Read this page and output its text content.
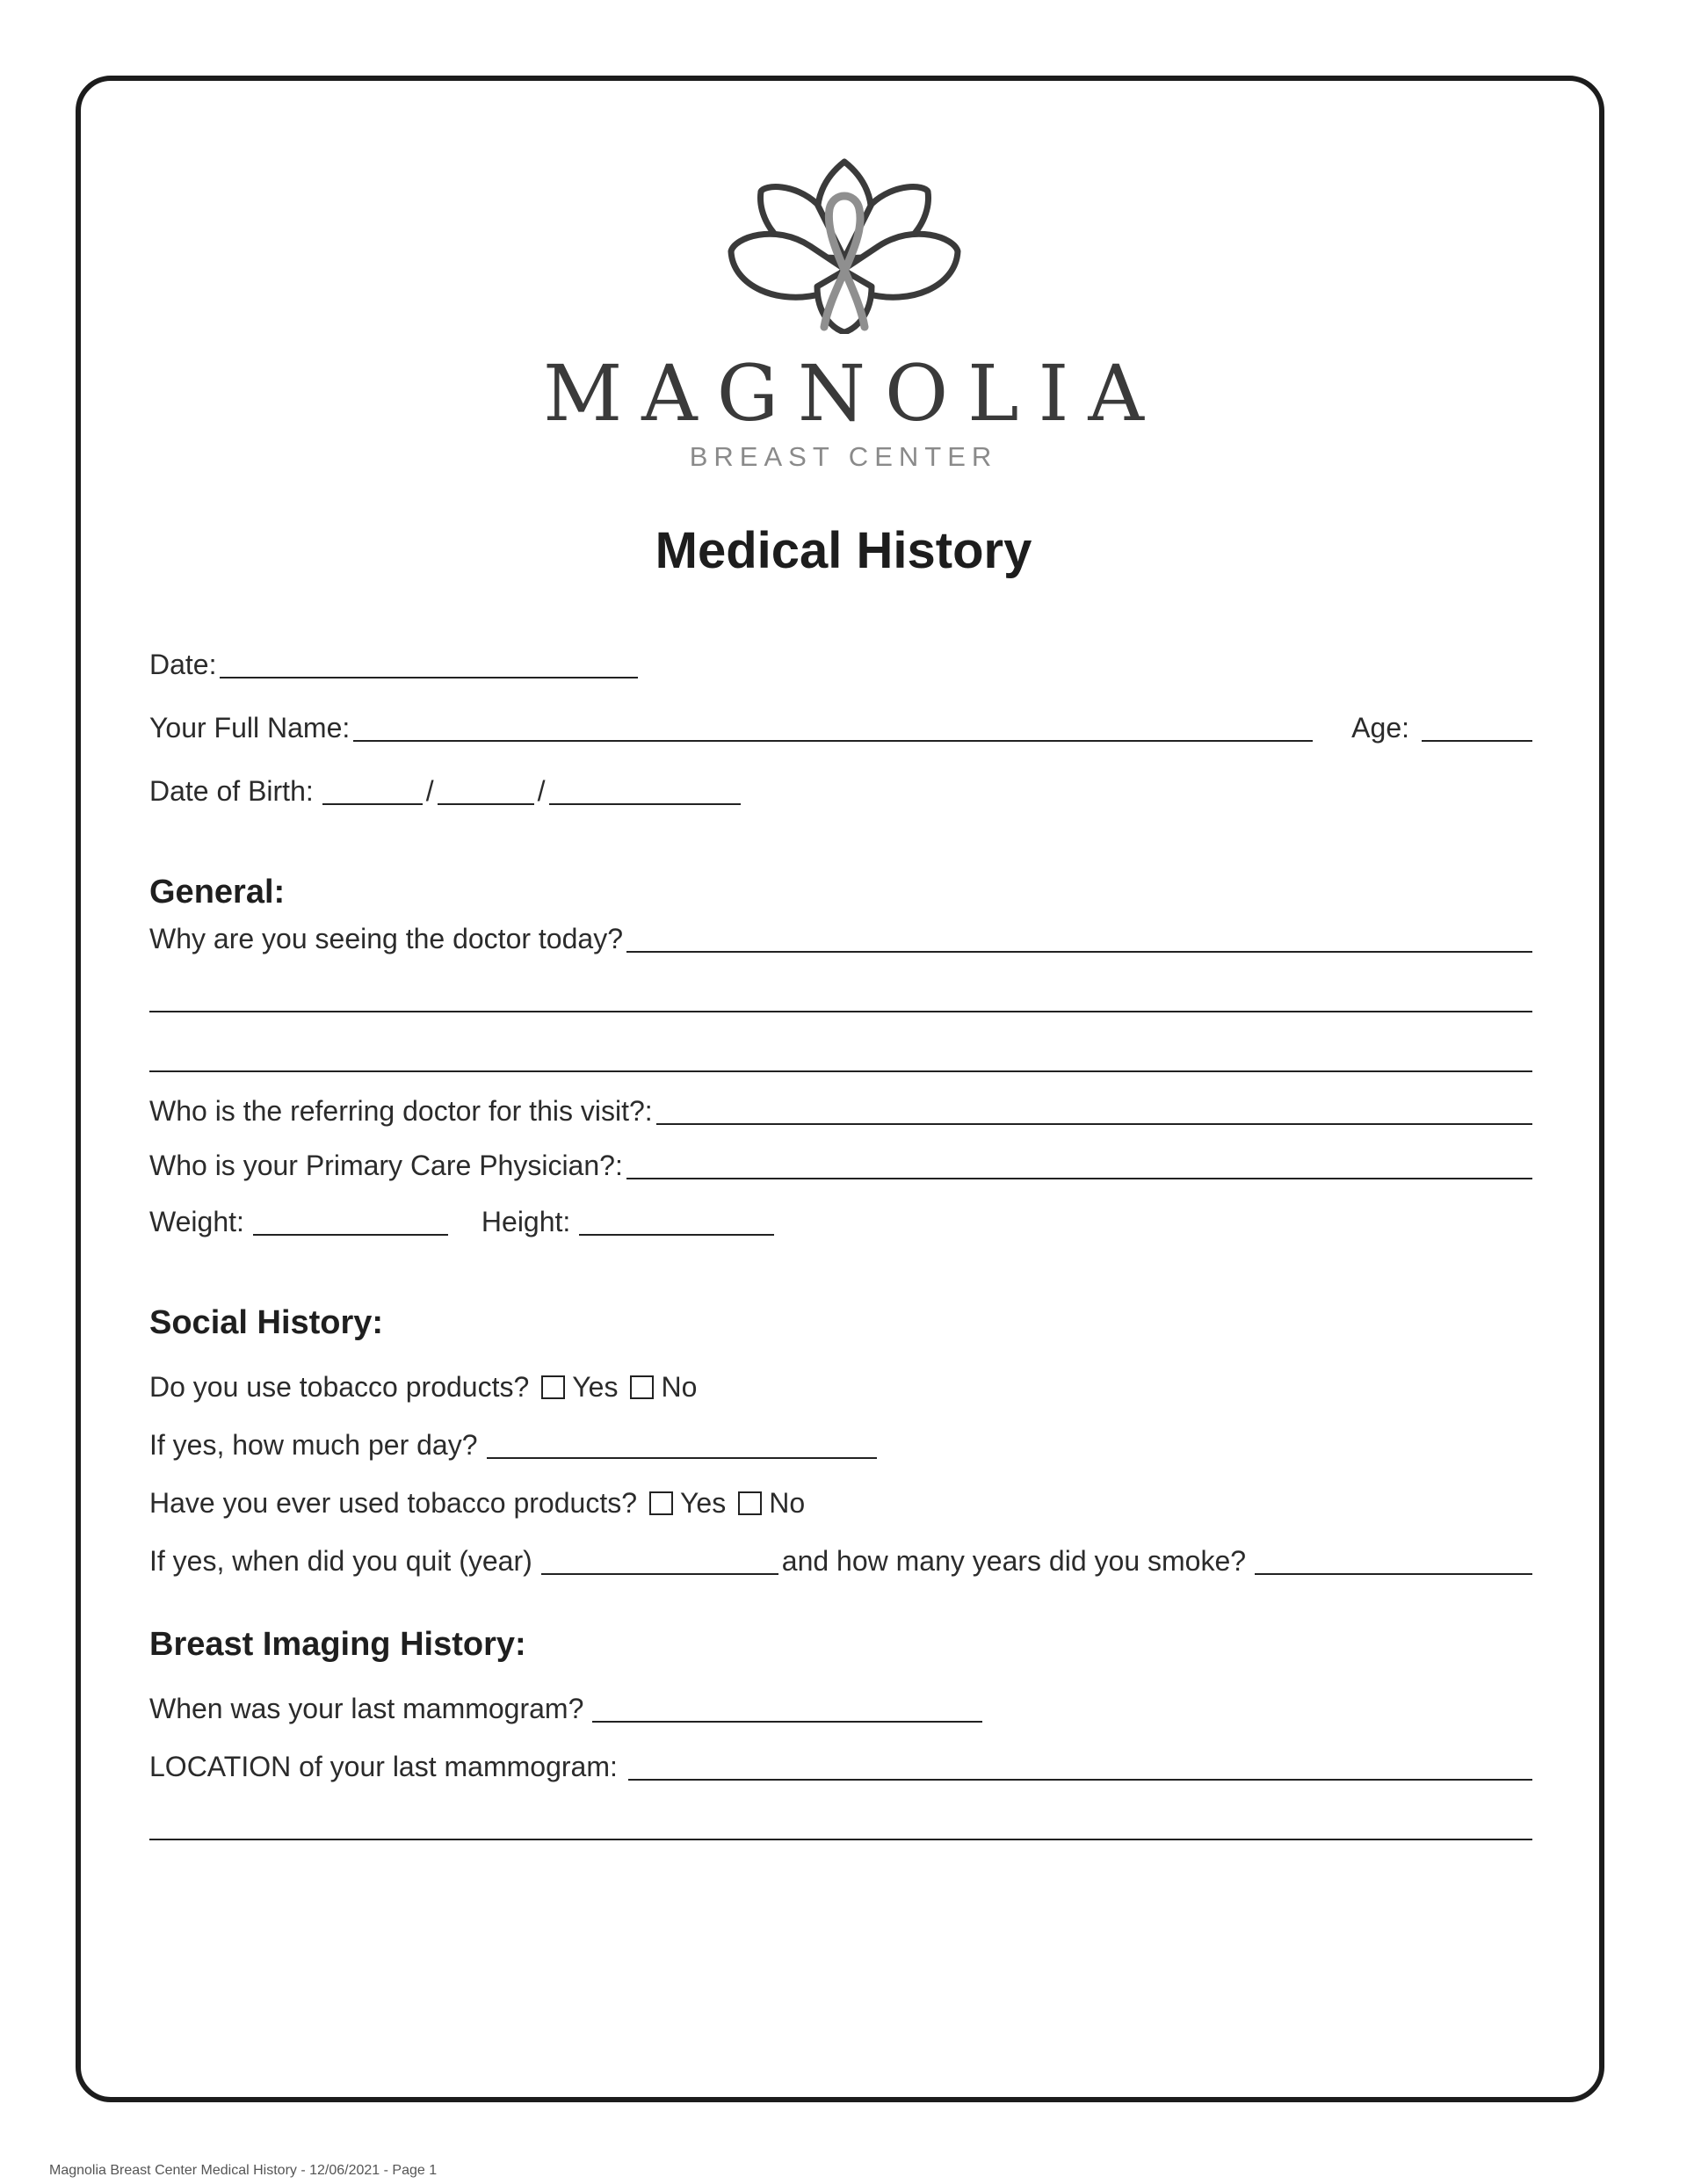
MAGNOLIA
BREAST CENTER
Medical History
Date:
Your Full Name:	Age:
Date of Birth:	/	/
General:
Why are you seeing the doctor today?
Who is the referring doctor for this visit?:
Who is your Primary Care Physician?:
Weight:	Height:
Social History:
Do you use tobacco products? Yes No
If yes, how much per day?
Have you ever used tobacco products? Yes No
If yes, when did you quit (year)	and how many years did you smoke?
Breast Imaging History:
When was your last mammogram?
LOCATION of your last mammogram:
Magnolia Breast Center Medical History - 12/06/2021 - Page 1
